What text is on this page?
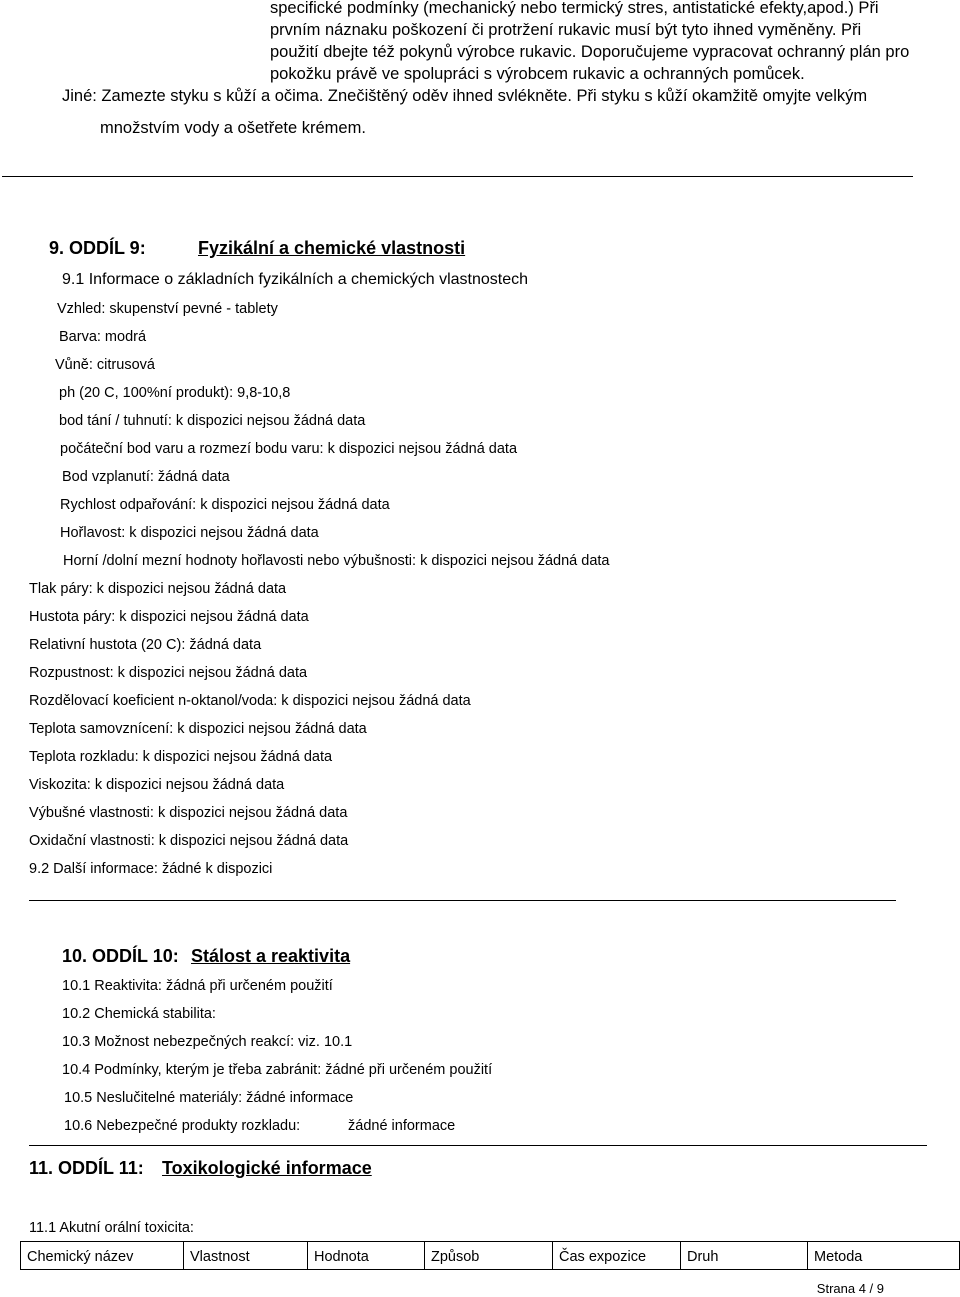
specifické podmínky (mechanický nebo termický stres, antistatické efekty,apod.) Při
prvním náznaku poškození či protržení rukavic musí být tyto ihned vyměněny. Při
použití dbejte též pokynů výrobce rukavic. Doporučujeme vypracovat ochranný plán pro
pokožku právě ve spolupráci s výrobcem rukavic a ochranných pomůcek.
Jiné: Zamezte styku s kůží a očima. Znečištěný oděv ihned svlékněte. Při styku s kůží okamžitě omyjte velkým
množstvím vody a ošetřete krémem.
9. ODDÍL 9:	Fyzikální a chemické vlastnosti
9.1 Informace o základních fyzikálních a chemických vlastnostech
Vzhled: skupenství pevné - tablety
Barva: modrá
Vůně: citrusová
ph (20 C, 100%ní produkt): 9,8-10,8
bod tání / tuhnutí: k dispozici nejsou žádná data
počáteční bod varu a rozmezí bodu varu: k dispozici nejsou žádná data
Bod vzplanutí: žádná data
Rychlost odpařování: k dispozici nejsou žádná data
Hořlavost: k dispozici nejsou žádná data
Horní /dolní mezní hodnoty hořlavosti nebo výbušnosti: k dispozici nejsou žádná data
Tlak páry: k dispozici nejsou žádná data
Hustota páry: k dispozici nejsou žádná data
Relativní hustota (20 C): žádná data
Rozpustnost: k dispozici nejsou žádná data
Rozdělovací koeficient n-oktanol/voda: k dispozici nejsou žádná data
Teplota samovznícení: k dispozici nejsou žádná data
Teplota rozkladu: k dispozici nejsou žádná data
Viskozita: k dispozici nejsou žádná data
Výbušné vlastnosti: k dispozici nejsou žádná data
Oxidační vlastnosti: k dispozici nejsou žádná data
9.2 Další informace: žádné k dispozici
10. ODDÍL 10: Stálost a reaktivita
10.1 Reaktivita: žádná při určeném použití
10.2 Chemická stabilita:
10.3 Možnost nebezpečných reakcí: viz. 10.1
10.4 Podmínky, kterým je třeba zabránit: žádné při určeném použití
10.5 Neslučitelné materiály: žádné informace
10.6 Nebezpečné produkty rozkladu:	žádné informace
11. ODDÍL 11: Toxikologické informace
11.1 Akutní orální toxicita:
Chemický název	Vlastnost	Hodnota	Způsob	Čas expozice	Druh	Metoda
Strana 4 / 9
